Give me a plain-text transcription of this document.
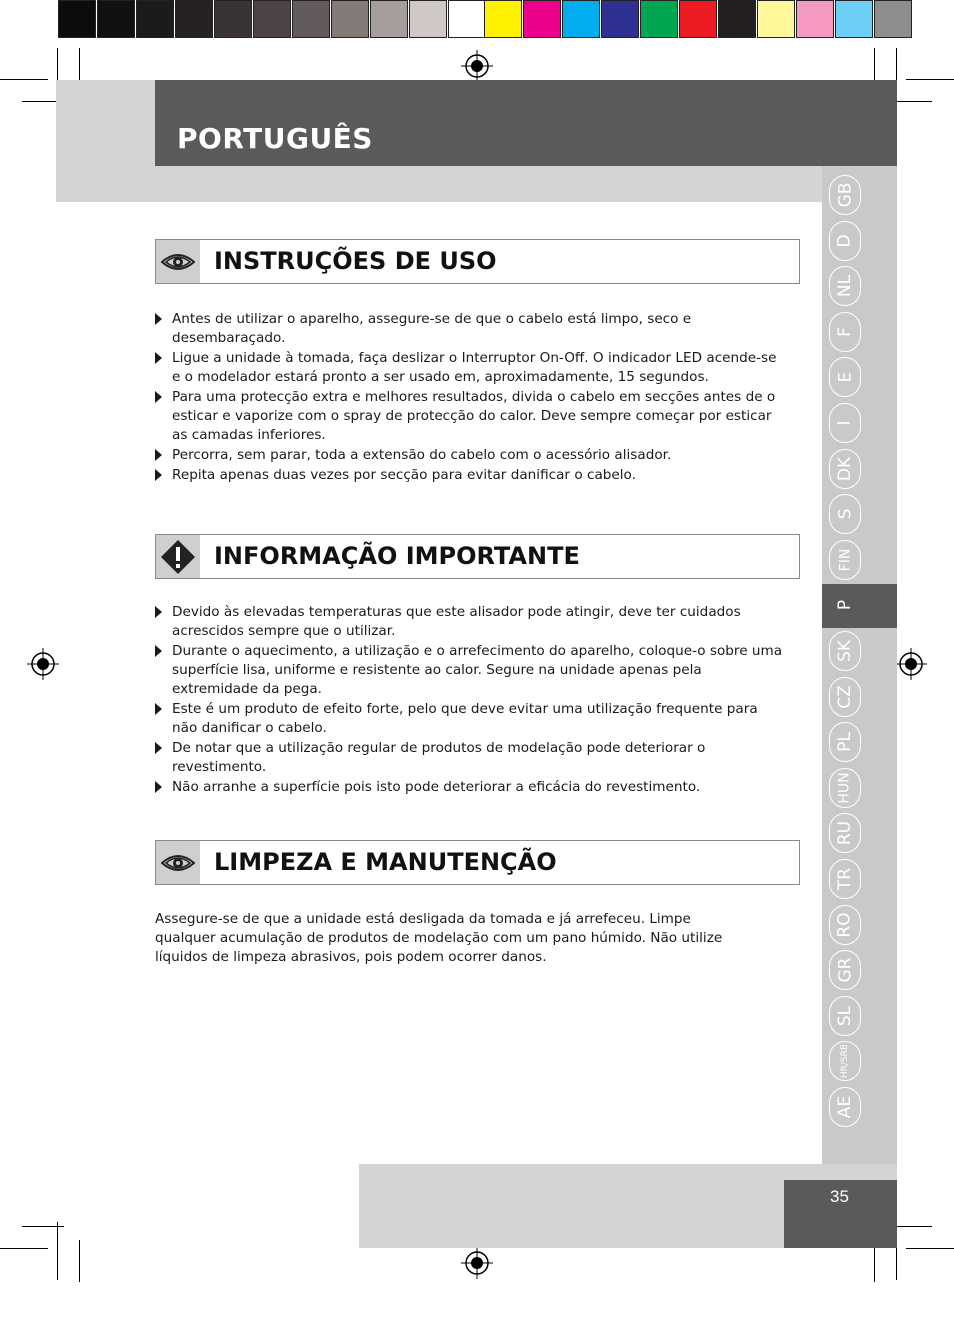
PORTUGUÊS
GB
D
NL
F
E
I
DK
S
FIN
P
SK
CZ
PL
HUN
RU
TR
RO
GR
SL
HR/SRB
AE
35
INSTRUÇÕES DE USO
Antes de utilizar o aparelho, assegure-se de que o cabelo está limpo, seco e desembaraçado.
Ligue a unidade à tomada, faça deslizar o Interruptor On-Off. O indicador LED acende-se e o modelador estará pronto a ser usado em, aproximadamente, 15 segundos.
Para uma protecção extra e melhores resultados, divida o cabelo em secções antes de o esticar e vaporize com o spray de protecção do calor. Deve sempre começar por esticar as camadas inferiores.
Percorra, sem parar, toda a extensão do cabelo com o acessório alisador.
Repita apenas duas vezes por secção para evitar danificar o cabelo.
INFORMAÇÃO IMPORTANTE
Devido às elevadas temperaturas que este alisador pode atingir, deve ter cuidados acrescidos sempre que o utilizar.
Durante o aquecimento, a utilização e o arrefecimento do aparelho, coloque-o sobre uma superfície lisa, uniforme e resistente ao calor. Segure na unidade apenas pela extremidade da pega.
Este é um produto de efeito forte, pelo que deve evitar uma utilização frequente para não danificar o cabelo.
De notar que a utilização regular de produtos de modelação pode deteriorar o revestimento.
Não arranhe a superfície pois isto pode deteriorar a eficácia do revestimento.
LIMPEZA E MANUTENÇÃO

Assegure-se de que a unidade está desligada da tomada e já arrefeceu. Limpe qualquer acumulação de produtos de modelação com um pano húmido. Não utilize líquidos de limpeza abrasivos, pois podem ocorrer danos.
